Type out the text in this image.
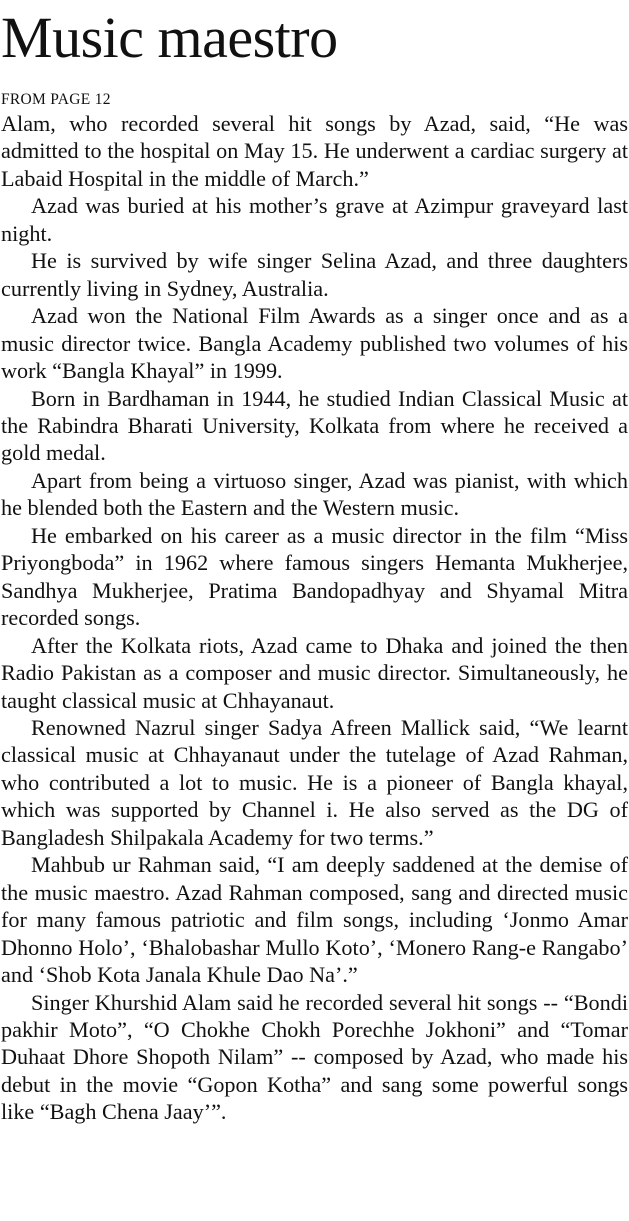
Music maestro
FROM PAGE 12

Alam, who recorded several hit songs by Azad, said, “He was admitted to the hospital on May 15. He underwent a cardiac surgery at Labaid Hospital in the middle of March.”

Azad was buried at his mother’s grave at Azimpur graveyard last night.

He is survived by wife singer Selina Azad, and three daughters currently living in Sydney, Australia.

Azad won the National Film Awards as a singer once and as a music director twice. Bangla Academy published two volumes of his work “Bangla Khayal” in 1999.

Born in Bardhaman in 1944, he studied Indian Classical Music at the Rabindra Bharati University, Kolkata from where he received a gold medal.

Apart from being a virtuoso singer, Azad was pianist, with which he blended both the Eastern and the Western music.

He embarked on his career as a music director in the film “Miss Priyongboda” in 1962 where famous singers Hemanta Mukherjee, Sandhya Mukherjee, Pratima Bandopadhyay and Shyamal Mitra recorded songs.

After the Kolkata riots, Azad came to Dhaka and joined the then Radio Pakistan as a composer and music director. Simultaneously, he taught classical music at Chhayanaut.

Renowned Nazrul singer Sadya Afreen Mallick said, “We learnt classical music at Chhayanaut under the tutelage of Azad Rahman, who contributed a lot to music. He is a pioneer of Bangla khayal, which was supported by Channel i. He also served as the DG of Bangladesh Shilpakala Academy for two terms.”

Mahbub ur Rahman said, “I am deeply saddened at the demise of the music maestro. Azad Rahman composed, sang and directed music for many famous patriotic and film songs, including ‘Jonmo Amar Dhonno Holo’, ‘Bhalobashar Mullo Koto’, ‘Monero Rang-e Rangabo’ and ‘Shob Kota Janala Khule Dao Na’.”

Singer Khurshid Alam said he recorded several hit songs -- “Bondi pakhir Moto”, “O Chokhe Chokh Porechhe Jokhoni” and “Tomar Duhaat Dhore Shopoth Nilam” -- composed by Azad, who made his debut in the movie “Gopon Kotha” and sang some powerful songs like “Bagh Chena Jaay’”.
